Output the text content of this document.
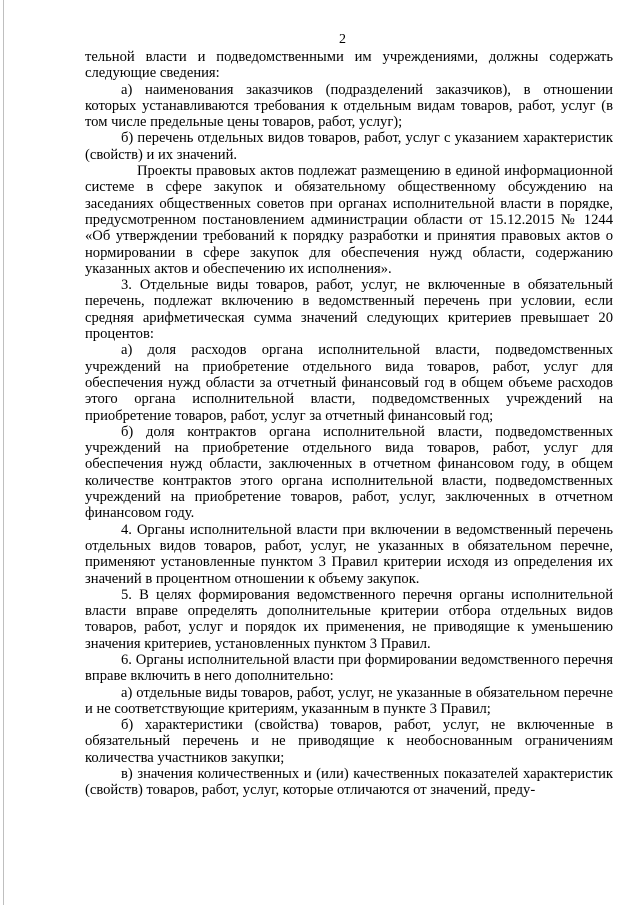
2

тельной власти и подведомственными им учреждениями, должны содержать следующие сведения:

а) наименования заказчиков (подразделений заказчиков), в отношении которых устанавливаются требования к отдельным видам товаров, работ, услуг (в том числе предельные цены товаров, работ, услуг);

б) перечень отдельных видов товаров, работ, услуг с указанием характеристик (свойств) и их значений.

Проекты правовых актов подлежат размещению в единой информационной системе в сфере закупок и обязательному общественному обсуждению на заседаниях общественных советов при органах исполнительной власти в порядке, предусмотренном постановлением администрации области от 15.12.2015 № 1244 «Об утверждении требований к порядку разработки и принятия правовых актов о нормировании в сфере закупок для обеспечения нужд области, содержанию указанных актов и обеспечению их исполнения».

3. Отдельные виды товаров, работ, услуг, не включенные в обязательный перечень, подлежат включению в ведомственный перечень при условии, если средняя арифметическая сумма значений следующих критериев превышает 20 процентов:

а) доля расходов органа исполнительной власти, подведомственных учреждений на приобретение отдельного вида товаров, работ, услуг для обеспечения нужд области за отчетный финансовый год в общем объеме расходов этого органа исполнительной власти, подведомственных учреждений на приобретение товаров, работ, услуг за отчетный финансовый год;

б) доля контрактов органа исполнительной власти, подведомственных учреждений на приобретение отдельного вида товаров, работ, услуг для обеспечения нужд области, заключенных в отчетном финансовом году, в общем количестве контрактов этого органа исполнительной власти, подведомственных учреждений на приобретение товаров, работ, услуг, заключенных в отчетном финансовом году.

4. Органы исполнительной власти при включении в ведомственный перечень отдельных видов товаров, работ, услуг, не указанных в обязательном перечне, применяют установленные пунктом 3 Правил критерии исходя из определения их значений в процентном отношении к объему закупок.

5. В целях формирования ведомственного перечня органы исполнительной власти вправе определять дополнительные критерии отбора отдельных видов товаров, работ, услуг и порядок их применения, не приводящие к уменьшению значения критериев, установленных пунктом 3 Правил.

6. Органы исполнительной власти при формировании ведомственного перечня вправе включить в него дополнительно:

а) отдельные виды товаров, работ, услуг, не указанные в обязательном перечне и не соответствующие критериям, указанным в пункте 3 Правил;

б) характеристики (свойства) товаров, работ, услуг, не включенные в обязательный перечень и не приводящие к необоснованным ограничениям количества участников закупки;

в) значения количественных и (или) качественных показателей характеристик (свойств) товаров, работ, услуг, которые отличаются от значений, преду-
